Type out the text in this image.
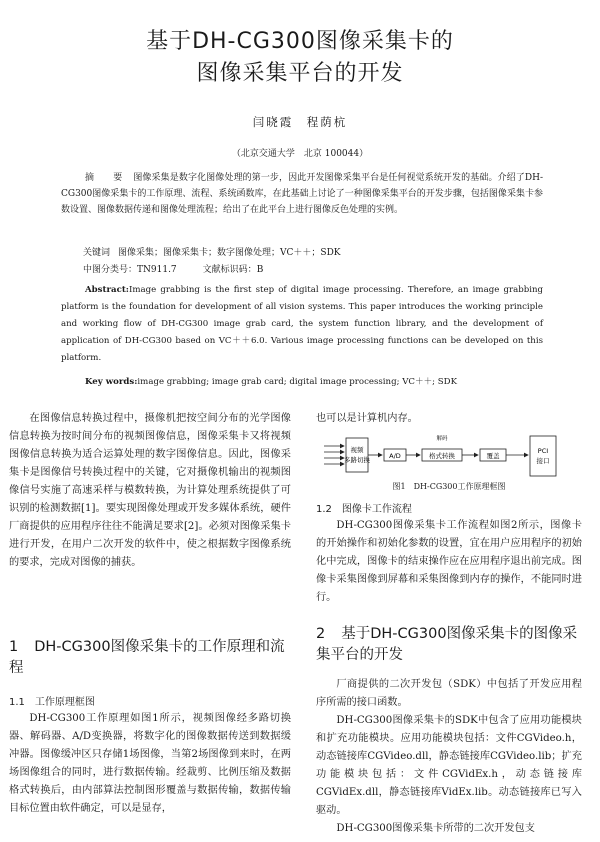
基于DH-CG300图像采集卡的
图像采集平台的开发
闫晓霞　程荫杭
（北京交通大学　北京 100044）
摘　要 图像采集是数字化图像处理的第一步，因此开发图像采集平台是任何视觉系统开发的基础。介绍了DH-CG300图像采集卡的工作原理、流程、系统函数库，在此基础上讨论了一种图像采集平台的开发步骤，包括图像采集卡参数设置、图像数据传递和图像处理流程；给出了在此平台上进行图像反色处理的实例。
关键词 图像采集；图像采集卡；数字图像处理；VC＋＋；SDK
中图分类号：TN911.7	文献标识码：B
Abstract:Image grabbing is the first step of digital image processing. Therefore, an image grabbing platform is the foundation for development of all vision systems. This paper introduces the working principle and working flow of DH-CG300 image grab card, the system function library, and the development of application of DH-CG300 based on VC＋＋6.0. Various image processing functions can be developed on this platform.
Key words:image grabbing; image grab card; digital image processing; VC＋＋; SDK

在图像信息转换过程中，摄像机把按空间分布的光学图像信息转换为按时间分布的视频图像信息，图像采集卡又将视频图像信息转换为适合运算处理的数字图像信息。因此，图像采集卡是图像信号转换过程中的关键，它对摄像机输出的视频图像信号实施了高速采样与模数转换，为计算处理系统提供了可识别的检测数据[1]。要实现图像处理或开发多媒体系统，硬件厂商提供的应用程序往往不能满足要求[2]。必须对图像采集卡进行开发，在用户二次开发的软件中，使之根据数字图像系统的要求，完成对图像的捕获。

1 DH-CG300图像采集卡的工作原理和流程
1.1　工作原理框图

DH-CG300工作原理如图1所示，视频图像经多路切换器、解码器、A/D变换器，将数字化的图像数据传送到数据缓冲器。图像缓冲区只存储1场图像，当第2场图像到来时，在两场图像组合的同时，进行数据传输。经裁剪、比例压缩及数据格式转换后，由内部算法控制图形覆盖与数据传输，数据传输目标位置由软件确定，可以是显存，

也可以是计算机内存。
视频
多路切换	A/D	格式转换	覆盖
PCI
接口
解码
图1　DH-CG300工作原理框图
1.2　图像卡工作流程

DH-CG300图像采集卡工作流程如图2所示，图像卡的开始操作和初始化参数的设置，宜在用户应用程序的初始化中完成，图像卡的结束操作应在应用程序退出前完成。图像卡采集图像到屏幕和采集图像到内存的操作，不能同时进行。

2 基于DH-CG300图像采集卡的图像采集平台的开发

厂商提供的二次开发包（SDK）中包括了开发应用程序所需的接口函数。

DH-CG300图像采集卡的SDK中包含了应用功能模块和扩充功能模块。应用功能模块包括：文件CGVideo.h，动态链接库CGVideo.dll，静态链接库CGVideo.lib；扩充功能模块包括：文件CGVidEx.h，动态链接库CGVidEx.dll，静态链接库VidEx.lib。动态链接库已写入驱动。

DH-CG300图像采集卡所带的二次开发包支
